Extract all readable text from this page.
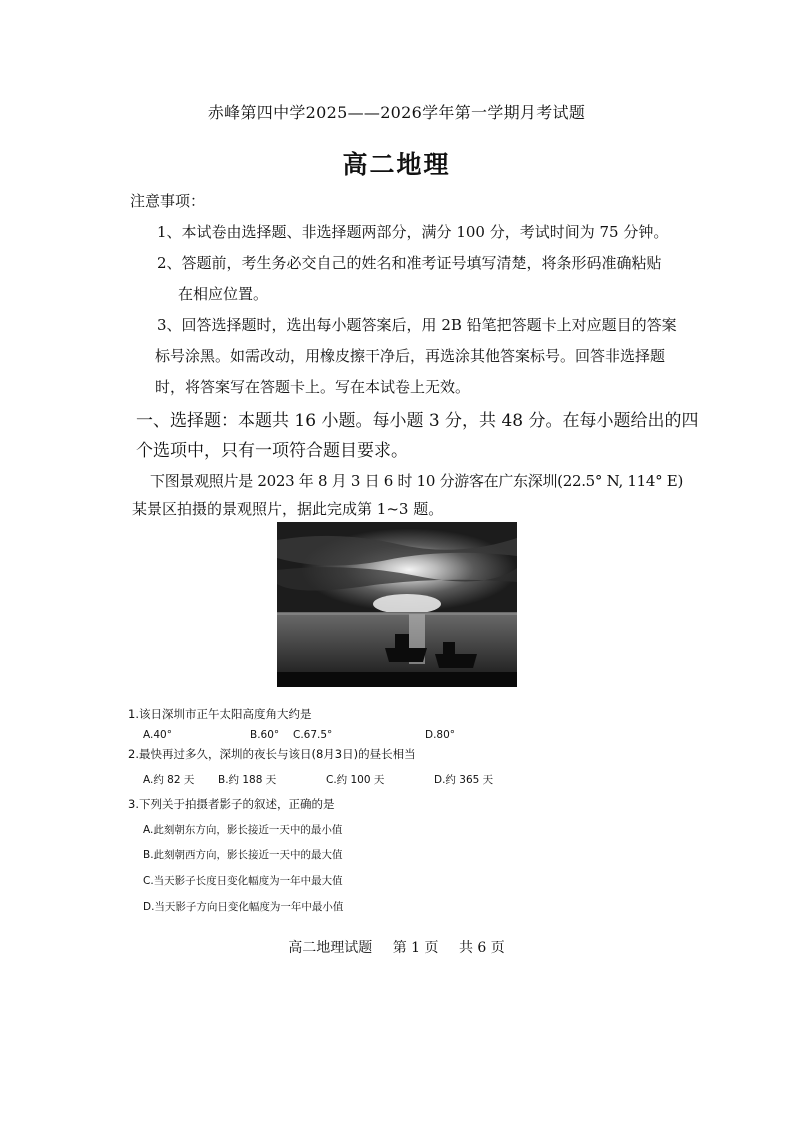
赤峰第四中学2025——2026学年第一学期月考试题
高二地理
注意事项：
1、本试卷由选择题、非选择题两部分，满分 100 分，考试时间为 75 分钟。
2、答题前，考生务必交自己的姓名和准考证号填写清楚，将条形码准确粘贴
在相应位置。
3、回答选择题时，选出每小题答案后，用 2B 铅笔把答题卡上对应题目的答案
标号涂黑。如需改动，用橡皮擦干净后，再选涂其他答案标号。回答非选择题
时，将答案写在答题卡上。写在本试卷上无效。
一、选择题：本题共 16 小题。每小题 3 分，共 48 分。在每小题给出的四
个选项中，只有一项符合题目要求。
下图景观照片是 2023 年 8 月 3 日 6 时 10 分游客在广东深圳(22.5° N, 114° E)
某景区拍摄的景观照片，据此完成第 1~3 题。
1.该日深圳市正午太阳高度角大约是
A.40°	B.60° C.67.5°	D.80°
2.最快再过多久，深圳的夜长与该日(8月3日)的昼长相当
A.约 82 天 B.约 188 天	C.约 100 天	D.约 365 天
3.下列关于拍摄者影子的叙述，正确的是
A.此刻朝东方向，影长接近一天中的最小值
B.此刻朝西方向，影长接近一天中的最大值
C.当天影子长度日变化幅度为一年中最大值
D.当天影子方向日变化幅度为一年中最小值
高二地理试题 第 1 页 共 6 页
